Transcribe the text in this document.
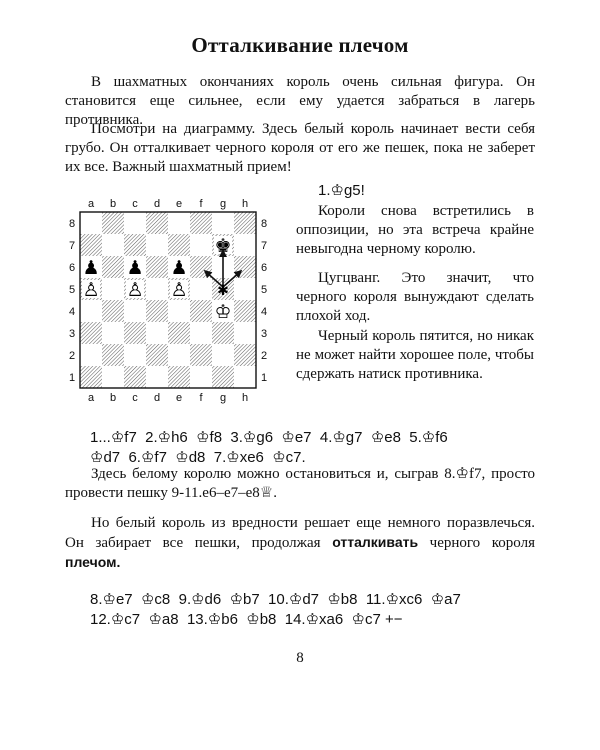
Отталкивание плечом

В шахматных окончаниях король очень сильная фигура. Он становится еще сильнее, если ему удается забраться в лагерь противника.

Посмотри на диаграмму. Здесь белый король начинает вести себя грубо. Он отталкивает черного короля от его же пешек, пока не заберет их все. Важный шахматный прием!

a
a
b
b
c
c
d
d
e
e
f
f
g
g
h
h
8	8
7	7
6	6
5	5
4	4
3	3
2	2
1	1
♚
♟ ♟ ♟
♙ ♙ ♙
♔
✱

1.♔g5!

Короли снова встретились в оппозиции, но эта встреча крайне невыгодна черному королю.

Цугцванг. Это значит, что черного короля вынуждают сделать плохой ход.

Черный король пятится, но никак не может найти хорошее поле, чтобы сдержать натиск противника.

1...♔f7  2.♔h6  ♔f8  3.♔g6  ♔e7  4.♔g7  ♔e8  5.♔f6
♔d7  6.♔f7  ♔d8  7.♔xe6  ♔c7.

Здесь белому королю можно остановиться и, сыграв 8.♔f7, просто провести пешку 9-11.e6–e7–e8♕.

Но белый король из вредности решает еще немного поразвлечься. Он забирает все пешки, продолжая отталкивать черного короля плечом.

8.♔e7  ♔c8  9.♔d6  ♔b7  10.♔d7  ♔b8  11.♔xc6  ♔a7
12.♔c7  ♔a8  13.♔b6  ♔b8  14.♔xa6  ♔c7 +−

8
